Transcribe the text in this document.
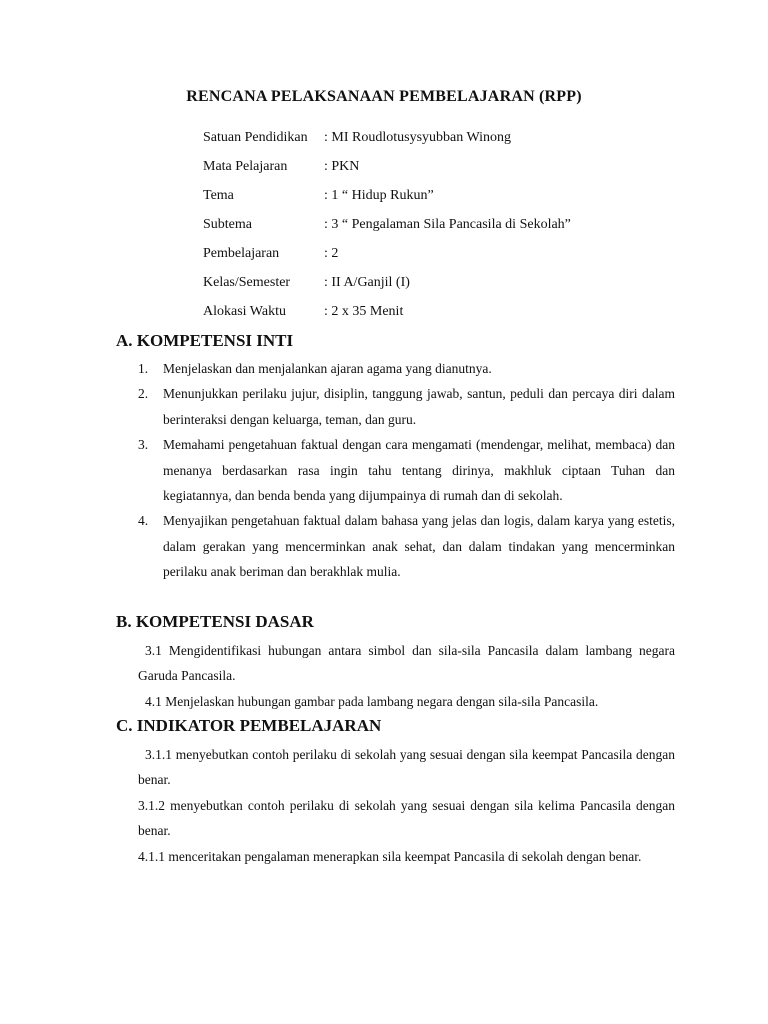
RENCANA PELAKSANAAN PEMBELAJARAN (RPP)
Satuan Pendidikan	: MI Roudlotusysyubban Winong
Mata Pelajaran	: PKN
Tema	: 1 “ Hidup Rukun”
Subtema	: 3 “ Pengalaman Sila Pancasila di Sekolah”
Pembelajaran	: 2
Kelas/Semester	: II A/Ganjil (I)
Alokasi Waktu	: 2 x 35 Menit
A. KOMPETENSI INTI
1. Menjelaskan dan menjalankan ajaran agama yang dianutnya.
2. Menunjukkan perilaku jujur, disiplin, tanggung jawab, santun, peduli dan percaya diri dalam berinteraksi dengan keluarga, teman, dan guru.
3. Memahami pengetahuan faktual dengan cara mengamati (mendengar, melihat, membaca) dan menanya berdasarkan rasa ingin tahu tentang dirinya, makhluk ciptaan Tuhan dan kegiatannya, dan benda benda yang dijumpainya di rumah dan di sekolah.
4. Menyajikan pengetahuan faktual dalam bahasa yang jelas dan logis, dalam karya yang estetis, dalam gerakan yang mencerminkan anak sehat, dan dalam tindakan yang mencerminkan perilaku anak beriman dan berakhlak mulia.
B. KOMPETENSI DASAR
3.1 Mengidentifikasi hubungan antara simbol dan sila-sila Pancasila dalam lambang negara Garuda Pancasila.
4.1 Menjelaskan hubungan gambar pada lambang negara dengan sila-sila Pancasila.
C. INDIKATOR PEMBELAJARAN
3.1.1 menyebutkan contoh perilaku di sekolah yang sesuai dengan sila keempat Pancasila dengan benar.
3.1.2 menyebutkan contoh perilaku di sekolah yang sesuai dengan sila kelima Pancasila dengan benar.
4.1.1 menceritakan pengalaman menerapkan sila keempat Pancasila di sekolah dengan benar.
